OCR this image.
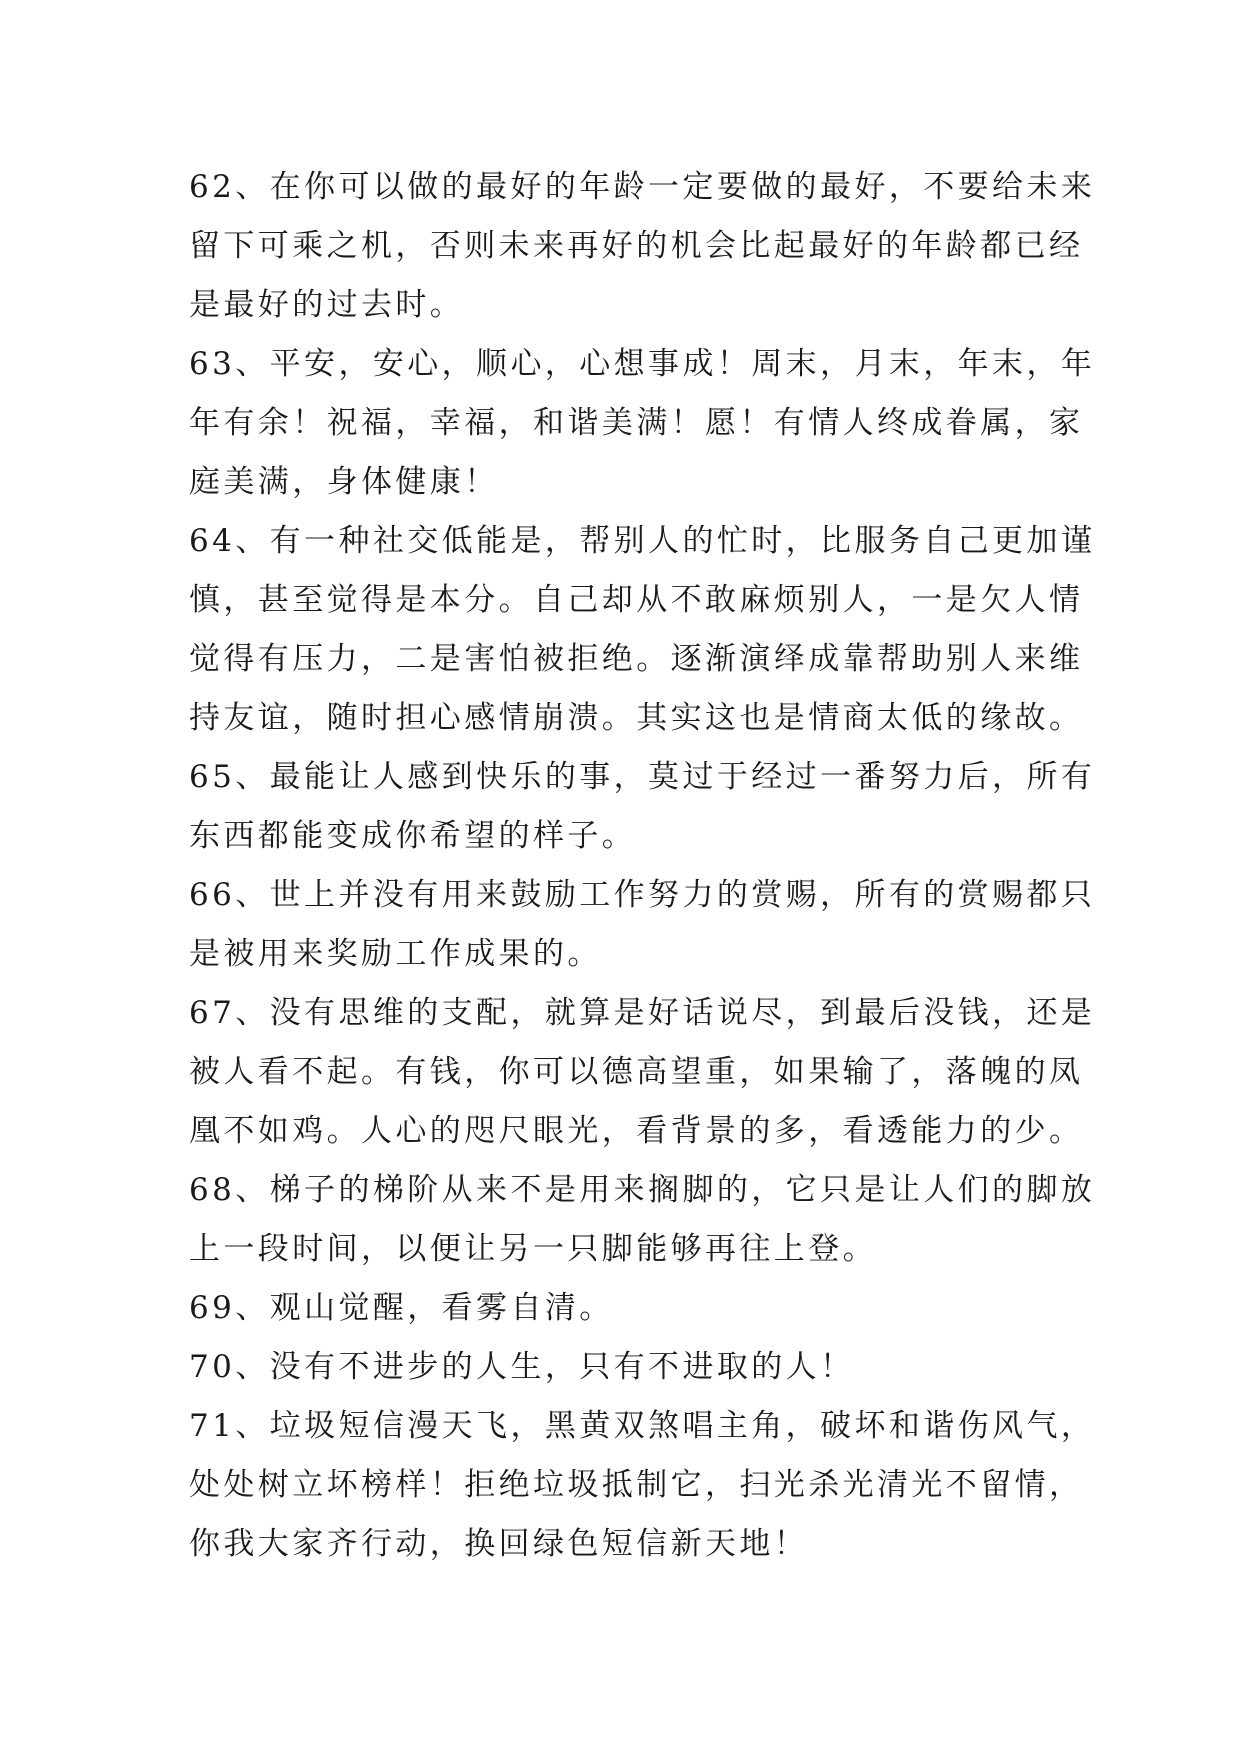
62、在你可以做的最好的年龄一定要做的最好，不要给未来
留下可乘之机，否则未来再好的机会比起最好的年龄都已经
是最好的过去时。
63、平安，安心，顺心，心想事成！周末，月末，年末，年
年有余！祝福，幸福，和谐美满！愿！有情人终成眷属，家
庭美满，身体健康！
64、有一种社交低能是，帮别人的忙时，比服务自己更加谨
慎，甚至觉得是本分。自己却从不敢麻烦别人，一是欠人情
觉得有压力，二是害怕被拒绝。逐渐演绎成靠帮助别人来维
持友谊，随时担心感情崩溃。其实这也是情商太低的缘故。
65、最能让人感到快乐的事，莫过于经过一番努力后，所有
东西都能变成你希望的样子。
66、世上并没有用来鼓励工作努力的赏赐，所有的赏赐都只
是被用来奖励工作成果的。
67、没有思维的支配，就算是好话说尽，到最后没钱，还是
被人看不起。有钱，你可以德高望重，如果输了，落魄的凤
凰不如鸡。人心的咫尺眼光，看背景的多，看透能力的少。
68、梯子的梯阶从来不是用来搁脚的，它只是让人们的脚放
上一段时间，以便让另一只脚能够再往上登。
69、观山觉醒，看雾自清。
70、没有不进步的人生，只有不进取的人！
71、垃圾短信漫天飞，黑黄双煞唱主角，破坏和谐伤风气，
处处树立坏榜样！拒绝垃圾抵制它，扫光杀光清光不留情，
你我大家齐行动，换回绿色短信新天地！
